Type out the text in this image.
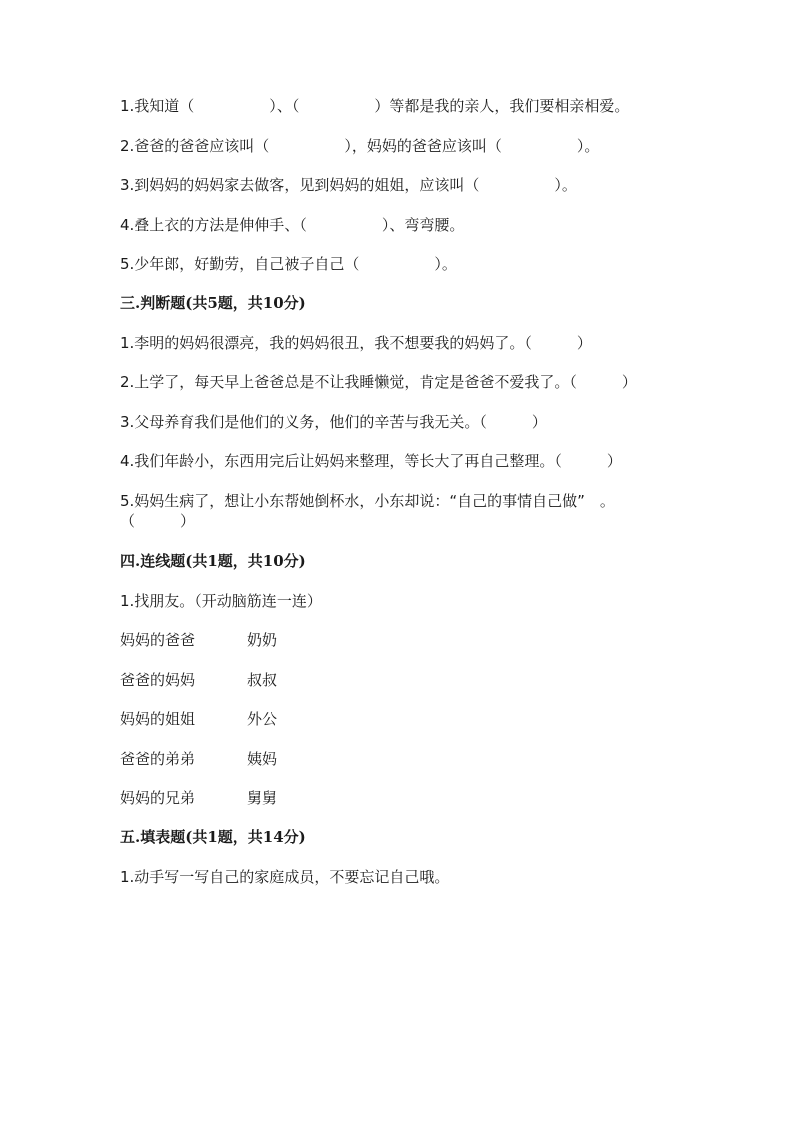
1.我知道（　　　　　）、（　　　　　）等都是我的亲人，我们要相亲相爱。
2.爸爸的爸爸应该叫（　　　　　），妈妈的爸爸应该叫（　　　　　）。
3.到妈妈的妈妈家去做客，见到妈妈的姐姐，应该叫（　　　　　）。
4.叠上衣的方法是伸伸手、（　　　　　）、弯弯腰。
5.少年郎，好勤劳，自己被子自己（　　　　　）。
三.判断题(共5题，共10分)
1.李明的妈妈很漂亮，我的妈妈很丑，我不想要我的妈妈了。（　　　）
2.上学了，每天早上爸爸总是不让我睡懒觉，肯定是爸爸不爱我了。（　　　）
3.父母养育我们是他们的义务，他们的辛苦与我无关。（　　　）
4.我们年龄小，东西用完后让妈妈来整理，等长大了再自己整理。（　　　）
5.妈妈生病了，想让小东帮她倒杯水，小东却说：“自己的事情自己做”　。
（　　　）
四.连线题(共1题，共10分)
1.找朋友。（开动脑筋连一连）
妈妈的爸爸	奶奶
爸爸的妈妈	叔叔
妈妈的姐姐	外公
爸爸的弟弟	姨妈
妈妈的兄弟	舅舅
五.填表题(共1题，共14分)
1.动手写一写自己的家庭成员，不要忘记自己哦。
